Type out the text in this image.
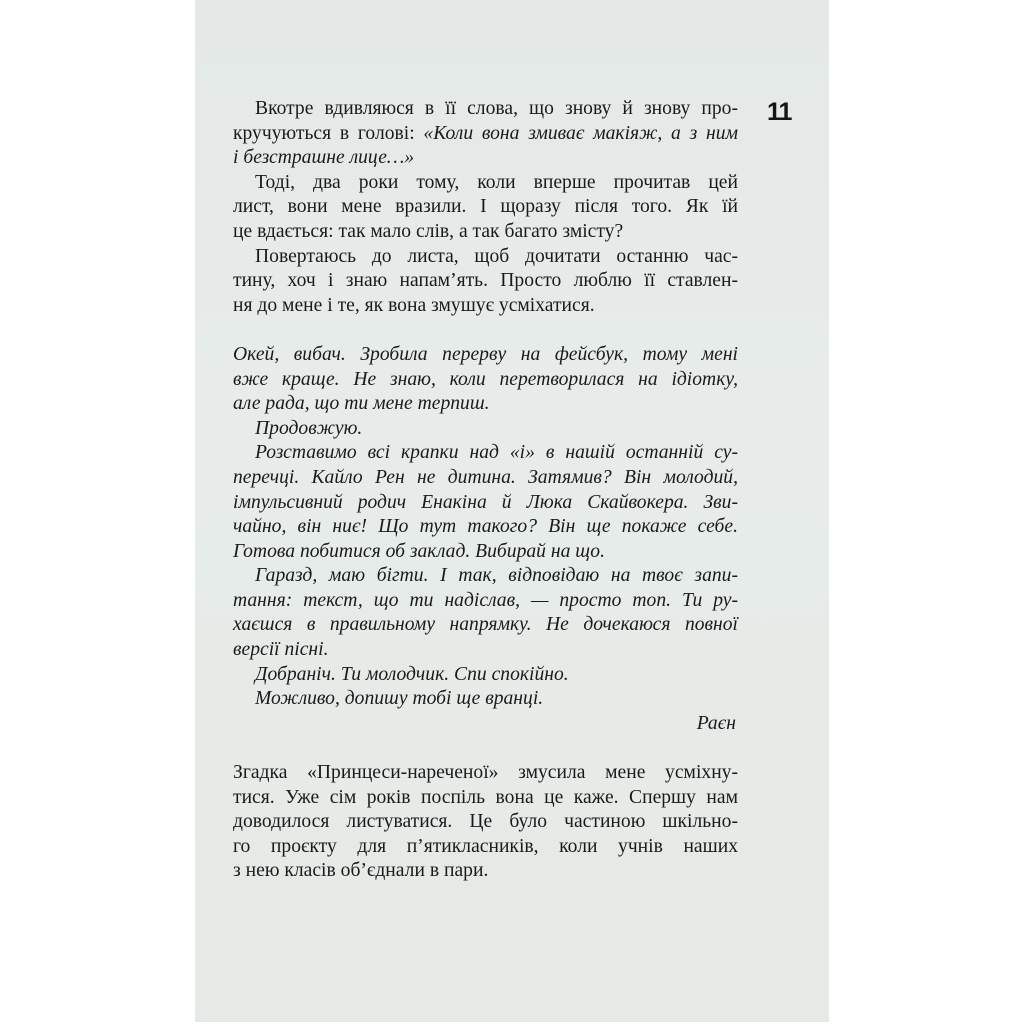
11

Вкотре вдивляюся в її слова, що знову й знову про-
кручуються в голові: «Коли вона змиває макіяж, а з ним
і безстрашне лице…»

Тоді, два роки тому, коли вперше прочитав цей
лист, вони мене вразили. І щоразу після того. Як їй
це вдається: так мало слів, а так багато змісту?

Повертаюсь до листа, щоб дочитати останню час-
тину, хоч і знаю напам’ять. Просто люблю її ставлен-
ня до мене і те, як вона змушує усміхатися.

Окей, вибач. Зробила перерву на фейсбук, тому мені
вже краще. Не знаю, коли перетворилася на ідіотку,
але рада, що ти мене терпиш.

Продовжую.

Розставимо всі крапки над «і» в нашій останній су-
перечці. Кайло Рен не дитина. Затямив? Він молодий,
імпульсивний родич Енакіна й Люка Скайвокера. Зви-
чайно, він ниє! Що тут такого? Він ще покаже себе.
Готова побитися об заклад. Вибирай на що.

Гаразд, маю бігти. І так, відповідаю на твоє запи-
тання: текст, що ти надіслав, — просто топ. Ти ру-
хаєшся в правильному напрямку. Не дочекаюся повної
версії пісні.

Добраніч. Ти молодчик. Спи спокійно.

Можливо, допишу тобі ще вранці.

Раєн

Згадка «Принцеси-нареченої» змусила мене усміхну-
тися. Уже сім років поспіль вона це каже. Спершу нам
доводилося листуватися. Це було частиною шкільно-
го проєкту для п’ятикласників, коли учнів наших
з нею класів об’єднали в пари.
